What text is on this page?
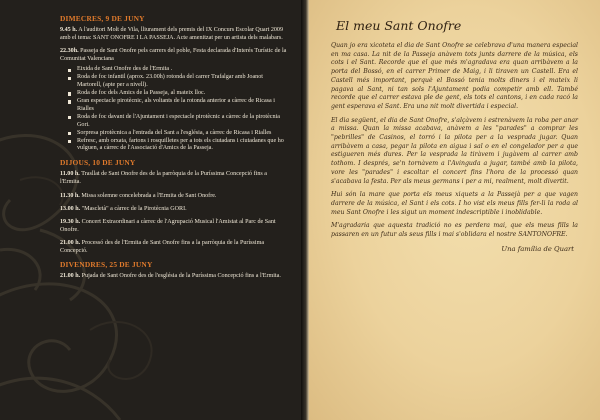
DIMECRES, 9 DE JUNY

9.45 h. A l'auditori Molt de Vila, lliurament dels premis del IX Concurs Escolar Quart 2009 amb el tema: SANT ONOFRE I LA PASSEJA. Acte amenitzat per un artista dels malabars.

22.30h. Passeja de Sant Onofre pels carrers del poble, Festa declarada d'Interés Turístic de la Comunitat Valenciana

Eixida de Sant Onofre des de l'Ermita .
Roda de foc infantil (aprox. 23.00h) rotonda del carrer Trafalgar amb Joanot Martorell, (apte per a nivell).
Roda de foc dels Amics de la Passeja, al mateix lloc.
Gran espectacle pirotècnic, als voltants de la rotonda anterior a càrrec de Ricasa i Rialles
Roda de foc davant de l'Ajuntament i espectacle pirotècnic a càrrec de la pirotècnia Gori.
Sorpresa pirotècnica a l'entrada del Sant a l'església, a càrrec de Ricasa i Rialles
Refresc, amb orxata, fartons i rosquilletes per a tots els ciutadans i ciutadanes que ho vulguen, a càrrec de l'Associació d'Amics de la Passeja.
DIJOUS, 10 DE JUNY

11.00 h. Trasllat de Sant Onofre des de la parròquia de la Puríssima Concepció fins a l'Ermita.

11.30 h. Missa solemne concelebrada a l'Ermita de Sant Onofre.

13.00 h. "Mascletà" a càrrec de la Pirotècnia GORI.

19.30 h. Concert Extraordinari a càrrec de l'Agrupació Musical l'Amistat al Parc de Sant Onofre.

21.00 h. Processó des de l'Ermita de Sant Onofre fins a la parròquia de la Puríssima Concepció.

DIVENDRES, 25 DE JUNY

21.00 h. Pujada de Sant Onofre des de l'església de la Puríssima Concepció fins a l'Ermita.

El meu Sant Onofre

Quan jo era xicoteta el dia de Sant Onofre se celebrava d'una manera especial en ma casa. La nit de la Passeja anàvem tots junts darrere de la música, els cots i el Sant. Recorde que el que més m'agradava era quan arribàvem a la porta del Bossó, en el carrer Primer de Maig, i li tiraven un Castell. Era el Castell més important, perquè el Bossó tenia molts diners i el mateix li pagava al Sant, ni tan sols l'Ajuntament podia competir amb ell. També recorde que el carrer estava ple de gent, els tots el cantons, i en cada racó la gent esperava el Sant. Era una nit molt divertida i especial.

El dia següent, el dia de Sant Onofre, s'alçàvem i estrenàvem la roba per anar a missa. Quan la missa acabava, anàvem a les "parades" a comprar les "pebrilles" de Casinos, el torró i la pilota per a la vesprada jugar. Quan arribàvem a casa, pegar la pilota en aigua i sal o en el congelador per a que estigueren més dures. Per la vesprada la tiràvem i jugàvem al carrer amb tothom. I després, se'n tornàvem a l'Avinguda a jugar, també amb la pilota, vore les "parades" i escoltar el concert fins l'hora de la processó quan s'acabava la festa. Per als meus germans i per a mi, realment, molt divertit.

Hui són la mare que porta els meus xiquets a la Passejà per a que vagen darrere de la música, el Sant i els cots. I ho vist els meus fills fer-li la roda al meu Sant Onofre i les sigut un moment indescriptible i inoblidable.

M'agradaria que aquesta tradició no es perdera mai, que els meus fills la passaren en un futur als seus fills i mai s'oblidara el nostre SANTONOFRE.

Una família de Quart
